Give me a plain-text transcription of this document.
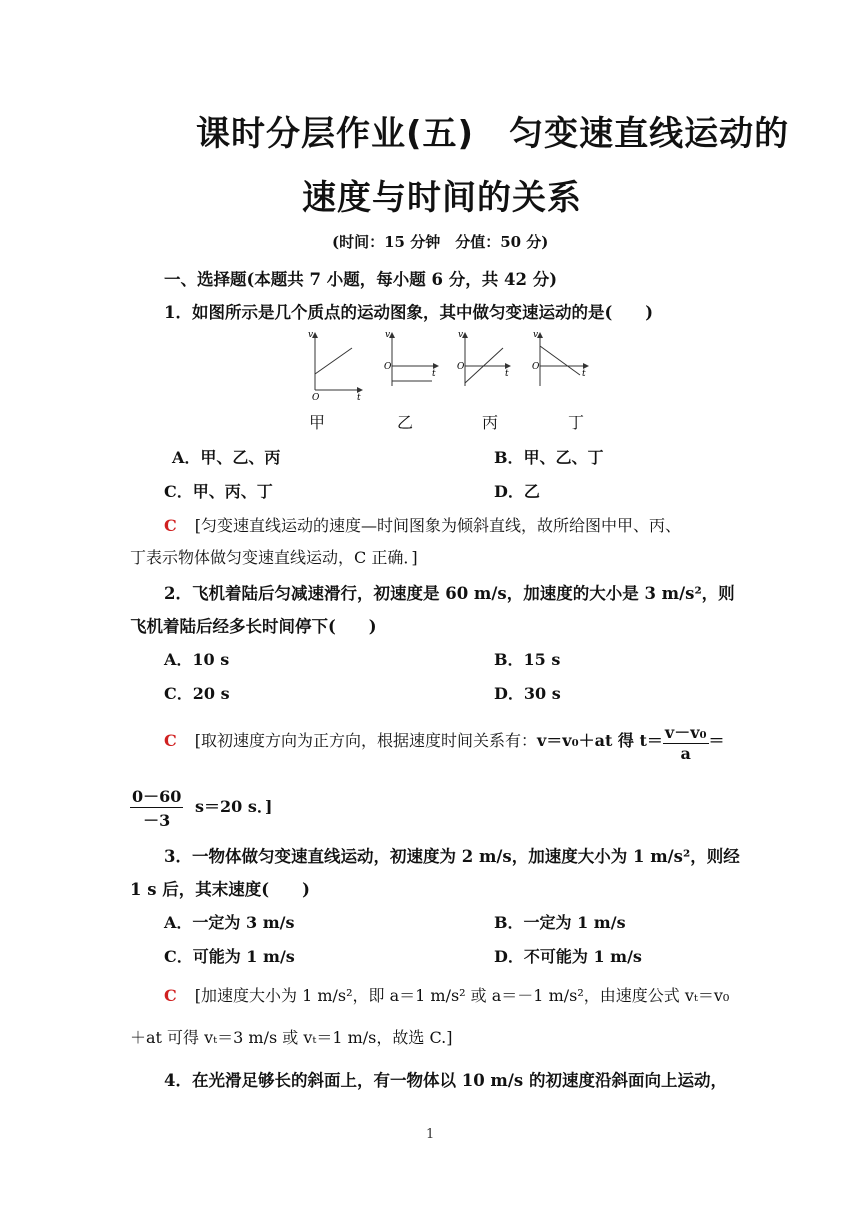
课时分层作业(五)　匀变速直线运动的
速度与时间的关系
(时间：15 分钟　分值：50 分)
一、选择题(本题共 7 小题，每小题 6 分，共 42 分)
1．如图所示是几个质点的运动图象，其中做匀变速运动的是(　　)
v
O	t
v
O
t
v
O
t
v
O
t
甲	乙	丙	丁
A．甲、乙、丙	B．甲、乙、丁
C．甲、丙、丁	D．乙
C [匀变速直线运动的速度—时间图象为倾斜直线，故所给图中甲、丙、
丁表示物体做匀变速直线运动，C 正确．]
2．飞机着陆后匀减速滑行，初速度是 60 m/s，加速度的大小是 3 m/s²，则
飞机着陆后经多长时间停下(　　)
A．10 s	B．15 s
C．20 s	D．30 s
C [取初速度方向为正方向，根据速度时间关系有：v＝v₀＋at 得 $t= \frac{\text{v－v₀}}{a}$ ＝
$\frac{0-60}{-3} s=20$ s．]
3．一物体做匀变速直线运动，初速度为 2 m/s，加速度大小为 1 m/s²，则经
1 s 后，其末速度(　　)
A．一定为 3 m/s	B．一定为 1 m/s
C．可能为 1 m/s	D．不可能为 1 m/s
C [加速度大小为 1 m/s²，即 a＝1 m/s² 或 a＝－1 m/s²，由速度公式 vₜ＝v₀
＋at 可得 vₜ＝3 m/s 或 vₜ＝1 m/s，故选 C.]
4．在光滑足够长的斜面上，有一物体以 10 m/s 的初速度沿斜面向上运动，
1
